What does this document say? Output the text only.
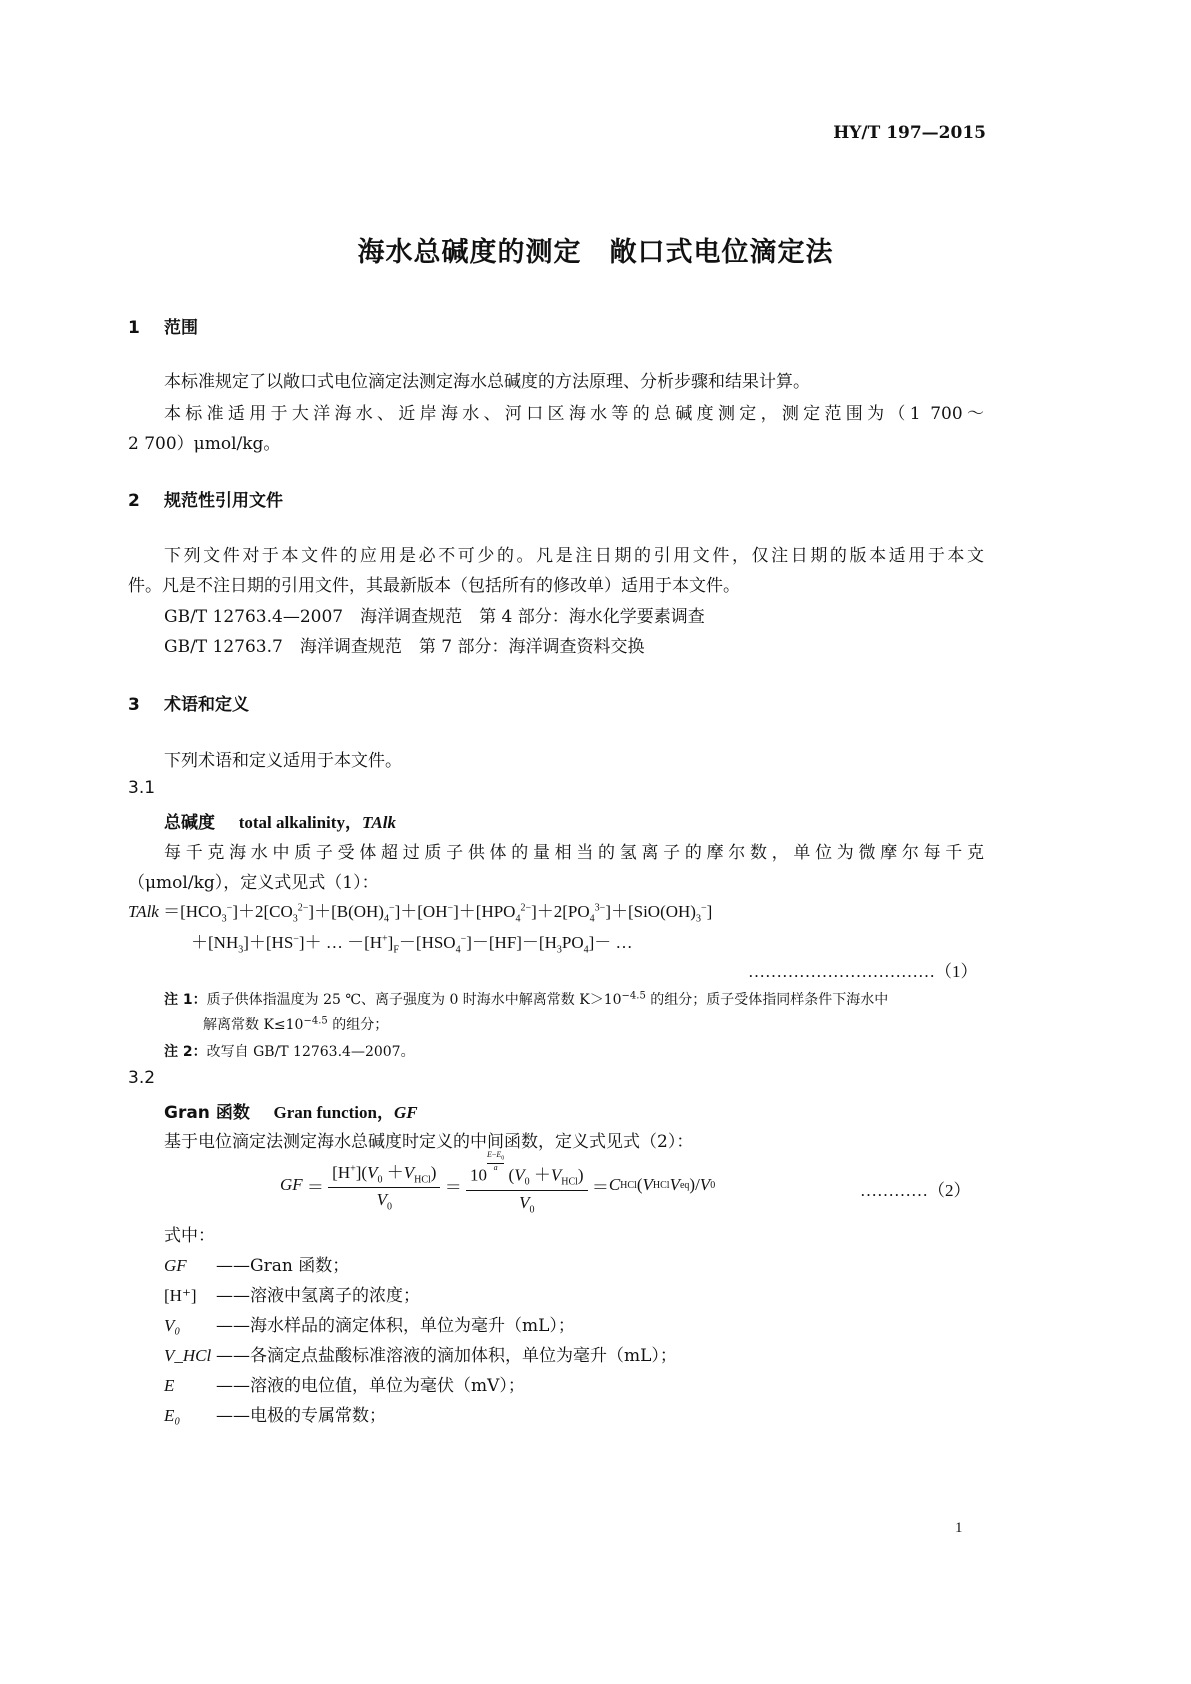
HY/T 197—2015
海水总碱度的测定　敞口式电位滴定法
1 范围
本标准规定了以敞口式电位滴定法测定海水总碱度的方法原理、分析步骤和结果计算。
本标准适用于大洋海水、近岸海水、河口区海水等的总碱度测定，测定范围为（1 700～
2 700）μmol/kg。
2 规范性引用文件
下列文件对于本文件的应用是必不可少的。凡是注日期的引用文件，仅注日期的版本适用于本文
件。凡是不注日期的引用文件，其最新版本（包括所有的修改单）适用于本文件。
GB/T 12763.4—2007　海洋调查规范　第 4 部分：海水化学要素调查
GB/T 12763.7　海洋调查规范　第 7 部分：海洋调查资料交换
3 术语和定义
下列术语和定义适用于本文件。
3.1
总碱度 total alkalinity，TAlk
每千克海水中质子受体超过质子供体的量相当的氢离子的摩尔数，单位为微摩尔每千克
（μmol/kg），定义式见式（1）：
TAlk $=[HCO_3^-]+2[CO_3^{2-}]+[B(OH)_4^-]+[OH^-]+[HPO_4^{2-}]+2[PO_4^{3-}]+[SiO(OH)_3^-]$
$+[NH_3]+[HS^-]+$ … $-[H^+]_F-[HSO_4^-]-[HF]-[H_3PO_4]-$ …
……………………………（1）
注 1：质子供体指温度为 25 ℃、离子强度为 0 时海水中解离常数 $K>10^{-4.5}$ 的组分；质子受体指同样条件下海水中
解离常数 $K\le 10^{-4.5}$ 的组分；
注 2：改写自 GB/T 12763.4—2007。
3.2
Gran 函数 Gran function，GF
基于电位滴定法测定海水总碱度时定义的中间函数，定义式见式（2）：
GF ＝ $\frac{[H^+](V_0 +V_{HCl})}{V_0} = 10$
$^{\frac{E-E_0}{a}}$ $(V_0 +V_{HCl})$
$V_0 = C$ HCl ( V HCl V eq )/ V 0	…………（2）
式中：
GF ——Gran 函数；
[H⁺] ——溶液中氢离子的浓度；
V₀ ——海水样品的滴定体积，单位为毫升（mL）；
V_HCl ——各滴定点盐酸标准溶液的滴加体积，单位为毫升（mL）；
E ——溶液的电位值，单位为毫伏（mV）；
E₀ ——电极的专属常数；
1
